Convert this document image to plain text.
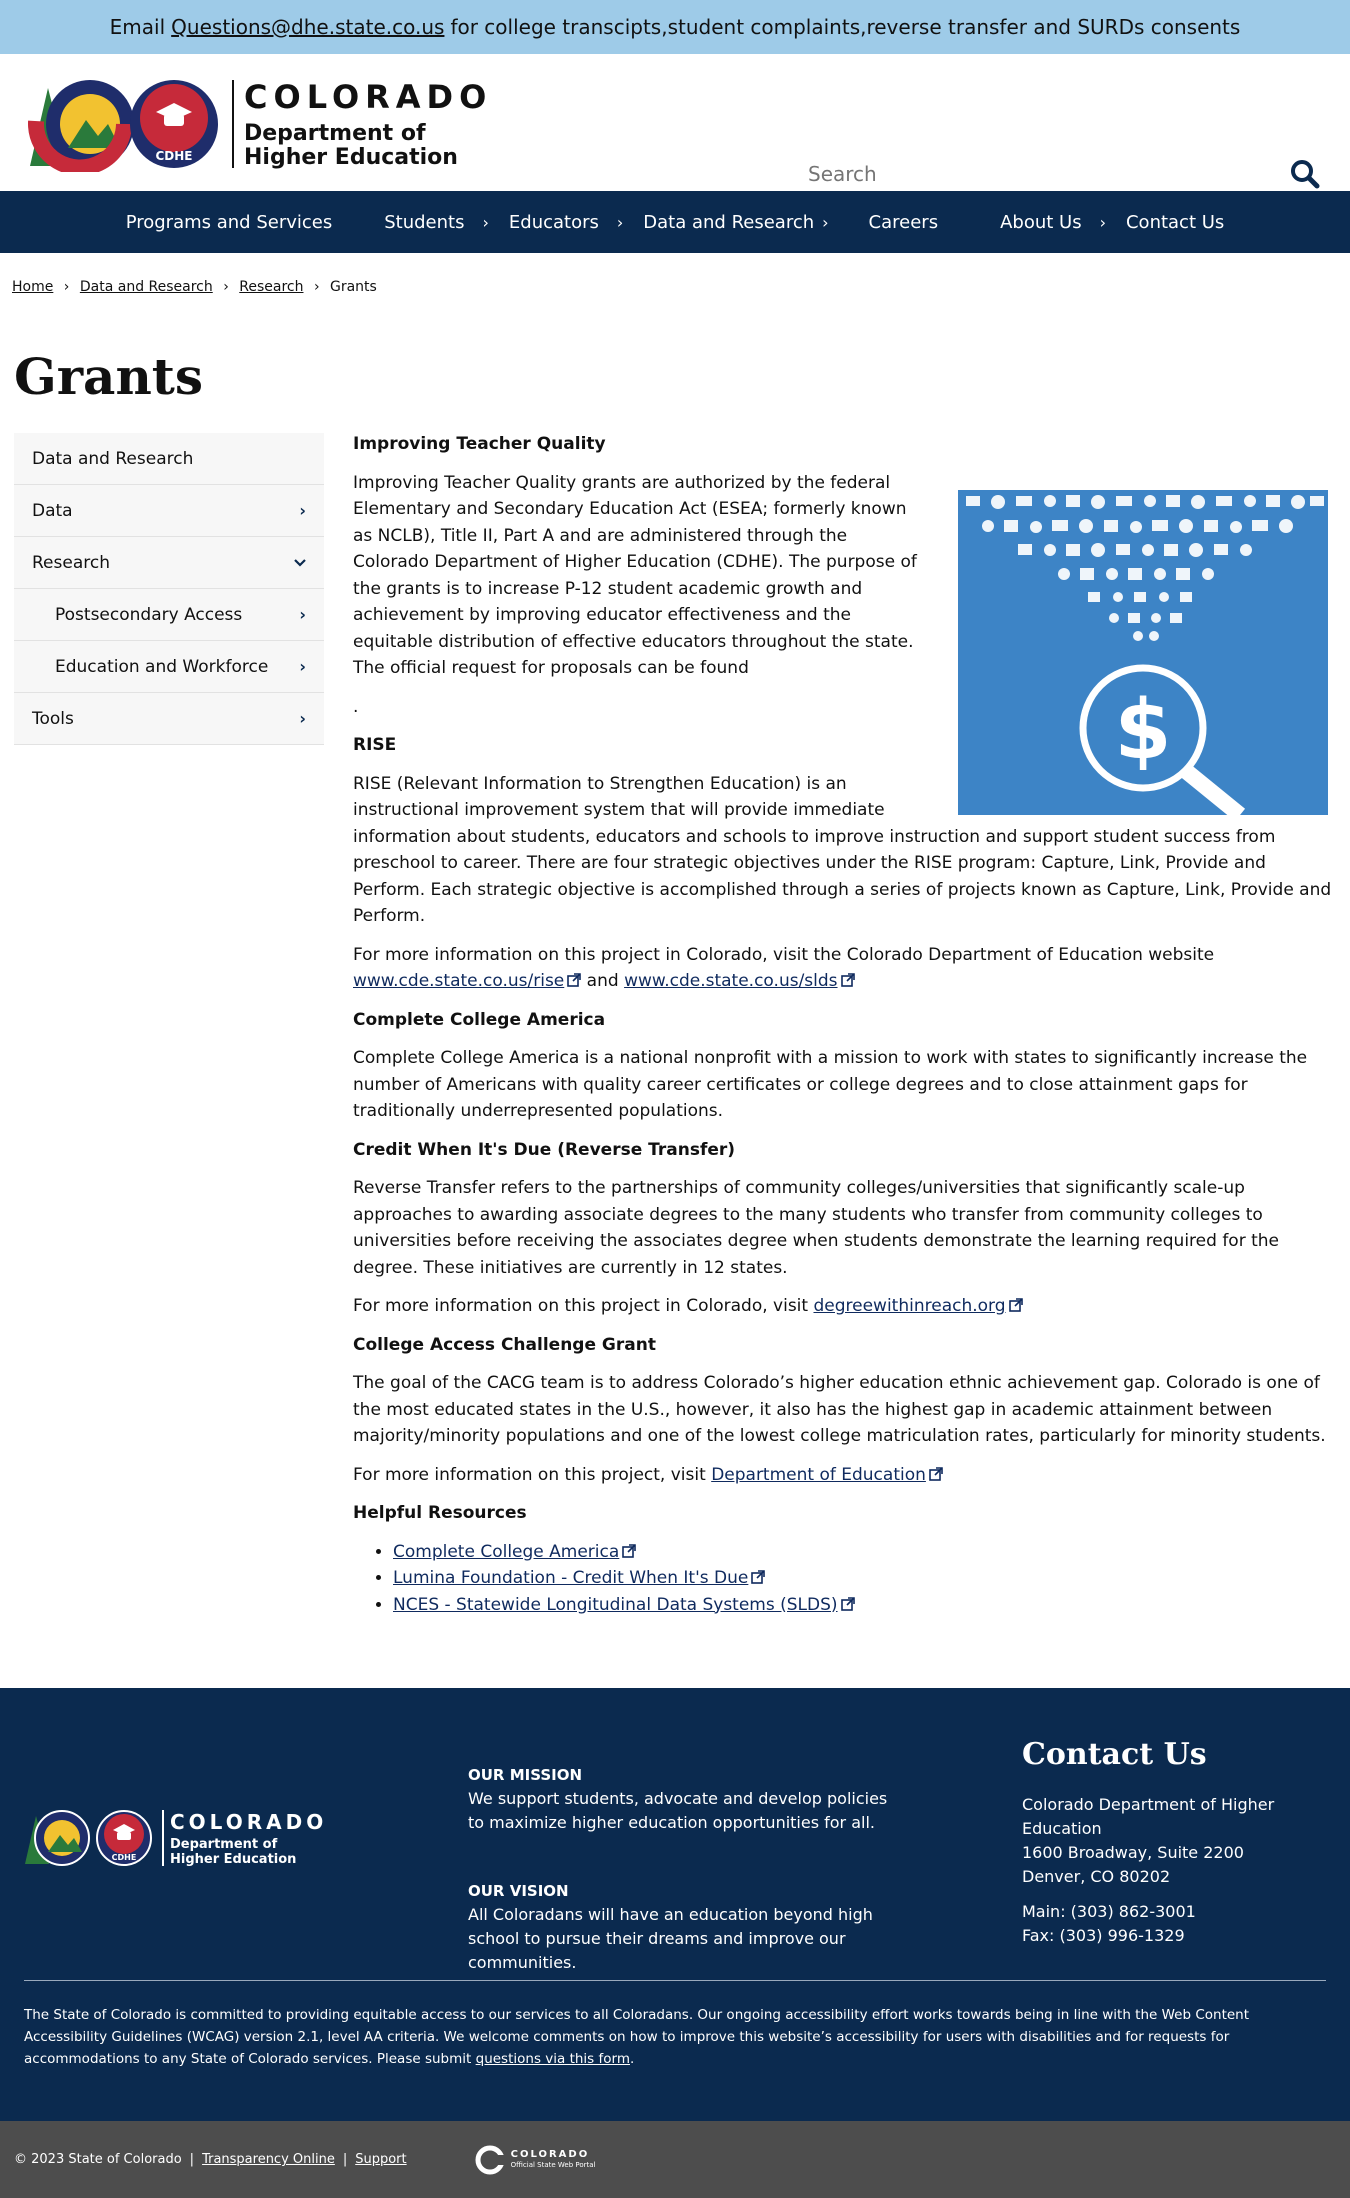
Email Questions@dhe.state.co.us for college transcipts,student complaints,reverse transfer and SURDs consents
CDHE
COLORADO
Department of
Higher Education
Search
Programs and Services	Students › Educators › Data and Research › Careers	About Us › Contact Us
Home › Data and Research › Research › Grants
Grants
Data and Research
Data	›
Research
Postsecondary Access	›
Education and Workforce ›
Tools	›
Improving Teacher Quality
$

Improving Teacher Quality grants are authorized by the federal Elementary and Secondary Education Act (ESEA; formerly known as NCLB), Title II, Part A and are administered through the Colorado Department of Higher Education (CDHE). The purpose of the grants is to increase P-12 student academic growth and achievement by improving educator effectiveness and the equitable distribution of effective educators throughout the state. The official request for proposals can be found

.

RISE

RISE (Relevant Information to Strengthen Education) is an instructional improvement system that will provide immediate information about students, educators and schools to improve instruction and support student success from preschool to career. There are four strategic objectives under the RISE program: Capture, Link, Provide and Perform. Each strategic objective is accomplished through a series of projects known as Capture, Link, Provide and Perform.

For more information on this project in Colorado, visit the Colorado Department of Education website www.cde.state.co.us/rise and www.cde.state.co.us/slds

Complete College America

Complete College America is a national nonprofit with a mission to work with states to significantly increase the number of Americans with quality career certificates or college degrees and to close attainment gaps for traditionally underrepresented populations.

Credit When It's Due (Reverse Transfer)

Reverse Transfer refers to the partnerships of community colleges/universities that significantly scale-up approaches to awarding associate degrees to the many students who transfer from community colleges to universities before receiving the associates degree when students demonstrate the learning required for the degree. These initiatives are currently in 12 states.

For more information on this project in Colorado, visit degreewithinreach.org

College Access Challenge Grant

The goal of the CACG team is to address Colorado’s higher education ethnic achievement gap. Colorado is one of the most educated states in the U.S., however, it also has the highest gap in academic attainment between majority/minority populations and one of the lowest college matriculation rates, particularly for minority students.

For more information on this project, visit Department of Education

Helpful Resources
• Complete College America
• Lumina Foundation - Credit When It's Due
• NCES - Statewide Longitudinal Data Systems (SLDS)
CDHE
COLORADO
Department of
Higher Education
OUR MISSION

We support students, advocate and develop policies to maximize higher education opportunities for all.

OUR VISION

All Coloradans will have an education beyond high school to pursue their dreams and improve our communities.

Contact Us

Colorado Department of Higher Education

1600 Broadway, Suite 2200

Denver, CO 80202

Main: (303) 862-3001

Fax: (303) 996-1329

The State of Colorado is committed to providing equitable access to our services to all Coloradans. Our ongoing accessibility effort works towards being in line with the Web Content Accessibility Guidelines (WCAG) version 2.1, level AA criteria. We welcome comments on how to improve this website’s accessibility for users with disabilities and for requests for accommodations to any State of Colorado services. Please submit questions via this form.

© 2023 State of Colorado | Transparency Online | Support	COLORADO
Official State Web Portal
